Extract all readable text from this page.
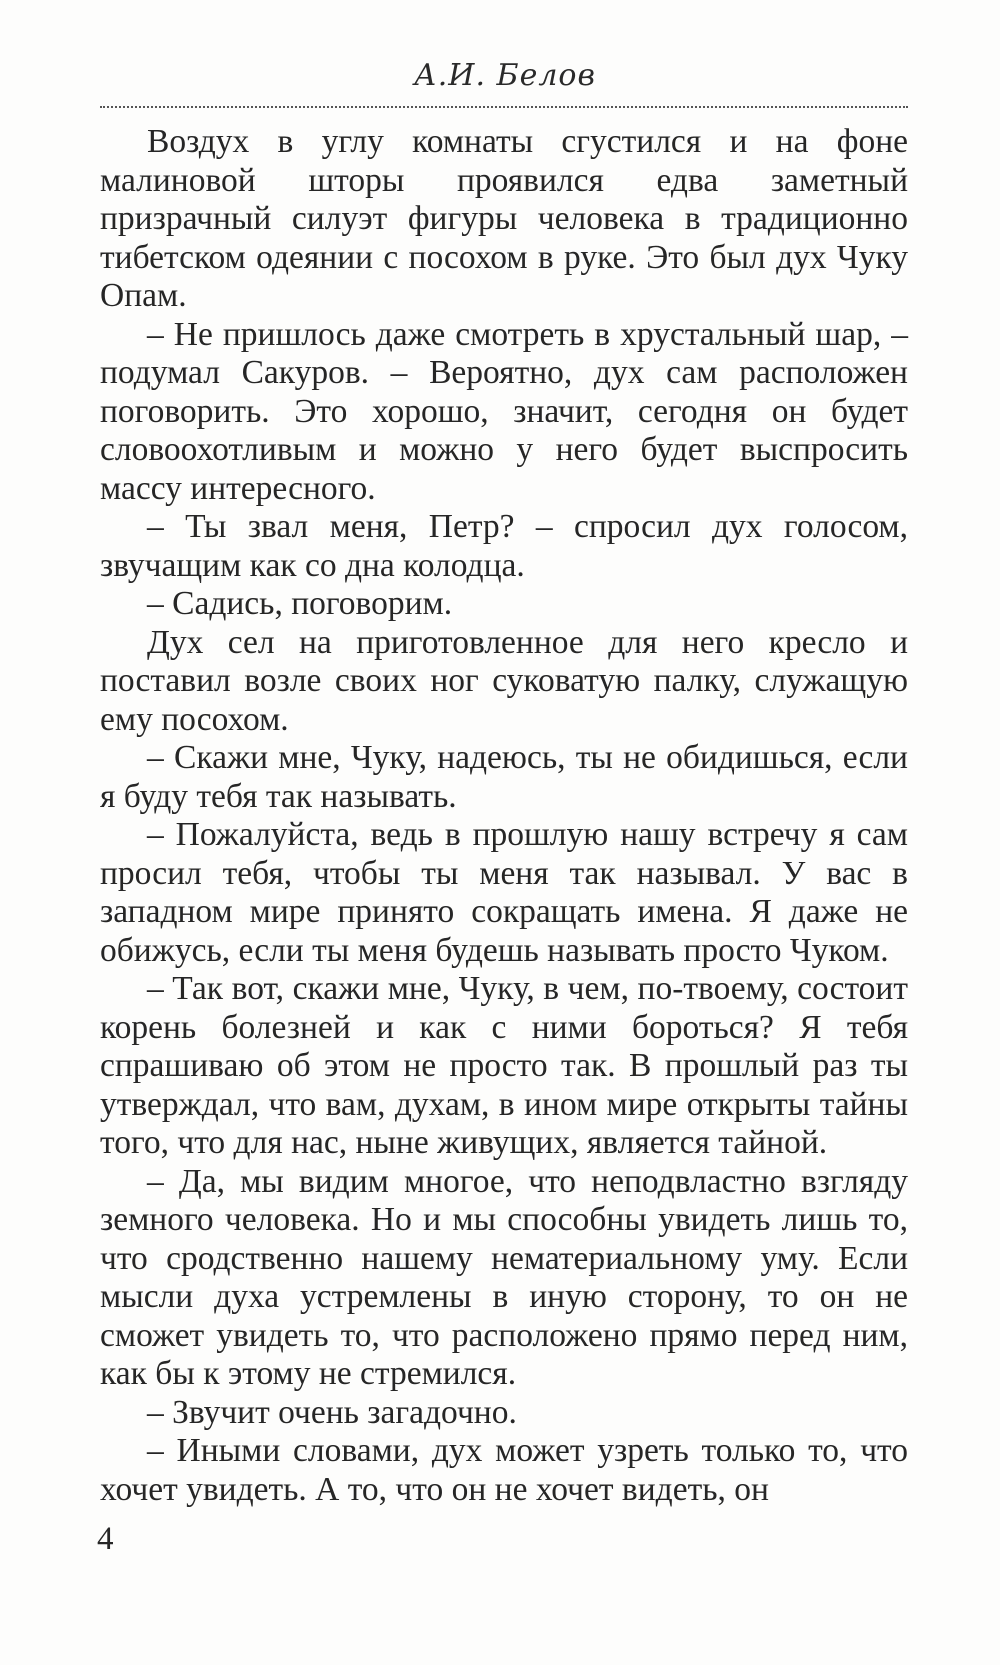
А.И. Белов

Воздух в углу комнаты сгустился и на фоне малиновой шторы проявился едва заметный призрачный силуэт фигуры человека в традиционно тибетском одеянии с посохом в руке. Это был дух Чуку Опам.

– Не пришлось даже смотреть в хрустальный шар, – подумал Сакуров. – Вероятно, дух сам расположен поговорить. Это хорошо, значит, сегодня он будет словоохотливым и можно у него будет выспросить массу интересного.

– Ты звал меня, Петр? – спросил дух голосом, звучащим как со дна колодца.

– Садись, поговорим.

Дух сел на приготовленное для него кресло и поставил возле своих ног суковатую палку, служащую ему посохом.

– Скажи мне, Чуку, надеюсь, ты не обидишься, если я буду тебя так называть.

– Пожалуйста, ведь в прошлую нашу встречу я сам просил тебя, чтобы ты меня так называл. У вас в западном мире принято сокращать имена. Я даже не обижусь, если ты меня будешь называть просто Чуком.

– Так вот, скажи мне, Чуку, в чем, по-твоему, состоит корень болезней и как с ними бороться? Я тебя спрашиваю об этом не просто так. В прошлый раз ты утверждал, что вам, духам, в ином мире открыты тайны того, что для нас, ныне живущих, является тайной.

– Да, мы видим многое, что неподвластно взгляду земного человека. Но и мы способны увидеть лишь то, что сродственно нашему нематериальному уму. Если мысли духа устремлены в иную сторону, то он не сможет увидеть то, что расположено прямо перед ним, как бы к этому не стремился.

– Звучит очень загадочно.

– Иными словами, дух может узреть только то, что хочет увидеть. А то, что он не хочет видеть, он

4
